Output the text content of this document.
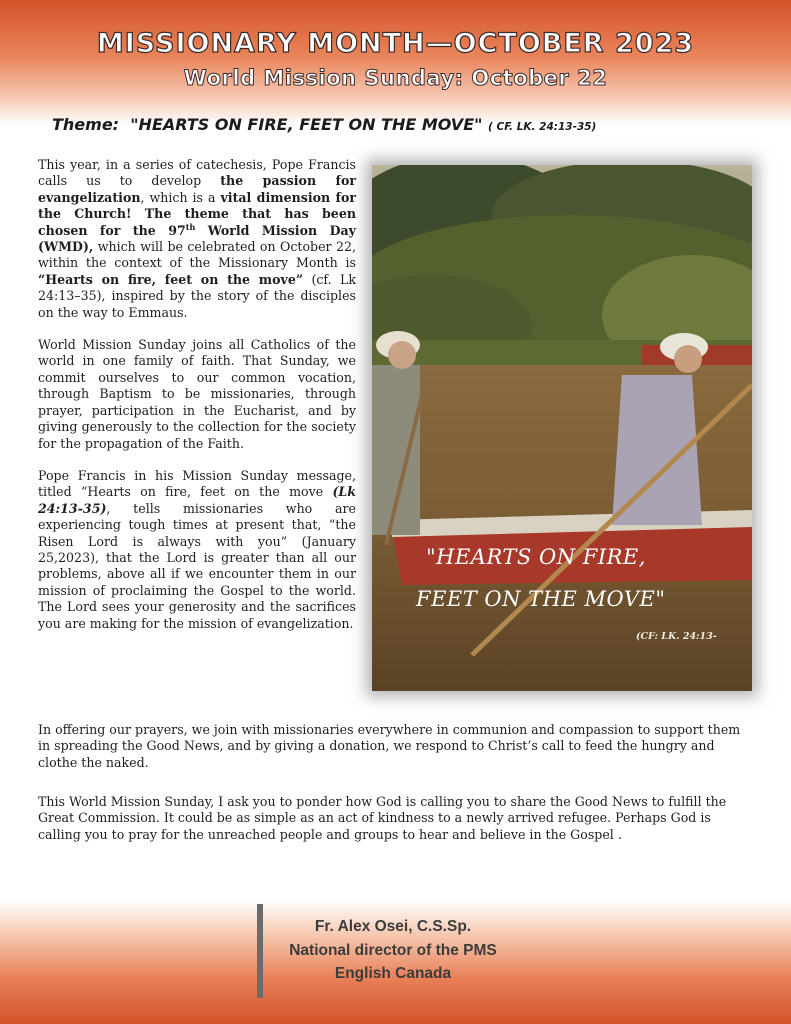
MISSIONARY MONTH—OCTOBER 2023
World Mission Sunday: October 22
Theme: "HEARTS ON FIRE, FEET ON THE MOVE" ( CF. LK. 24:13-35)

This year, in a series of catechesis, Pope Francis calls us to develop the passion for evangelization, which is a vital dimension for the Church! The theme that has been chosen for the 97th World Mission Day (WMD), which will be celebrated on October 22, within the context of the Missionary Month is “Hearts on fire, feet on the move” (cf. Lk 24:13–35), inspired by the story of the disciples on the way to Emmaus.

World Mission Sunday joins all Catholics of the world in one family of faith. That Sunday, we commit ourselves to our common vocation, through Baptism to be missionaries, through prayer, participation in the Eucharist, and by giving generously to the collection for the society for the propagation of the Faith.

Pope Francis in his Mission Sunday message, titled “Hearts on fire, feet on the move (Lk 24:13-35), tells missionaries who are experiencing tough times at present that, “the Risen Lord is always with you” (January 25,2023), that the Lord is greater than all our problems, above all if we encounter them in our mission of proclaiming the Gospel to the world. The Lord sees your generosity and the sacrifices you are making for the mission of evangelization.

"HEARTS ON FIRE,
FEET ON THE MOVE"
(CF: LK. 24:13-

In offering our prayers, we join with missionaries everywhere in communion and compassion to support them in spreading the Good News, and by giving a donation, we respond to Christ’s call to feed the hungry and clothe the naked.

This World Mission Sunday, I ask you to ponder how God is calling you to share the Good News to fulfill the Great Commission. It could be as simple as an act of kindness to a newly arrived refugee. Perhaps God is calling you to pray for the unreached people and groups to hear and believe in the Gospel .

Fr. Alex Osei, C.S.Sp.
National director of the PMS
English Canada
